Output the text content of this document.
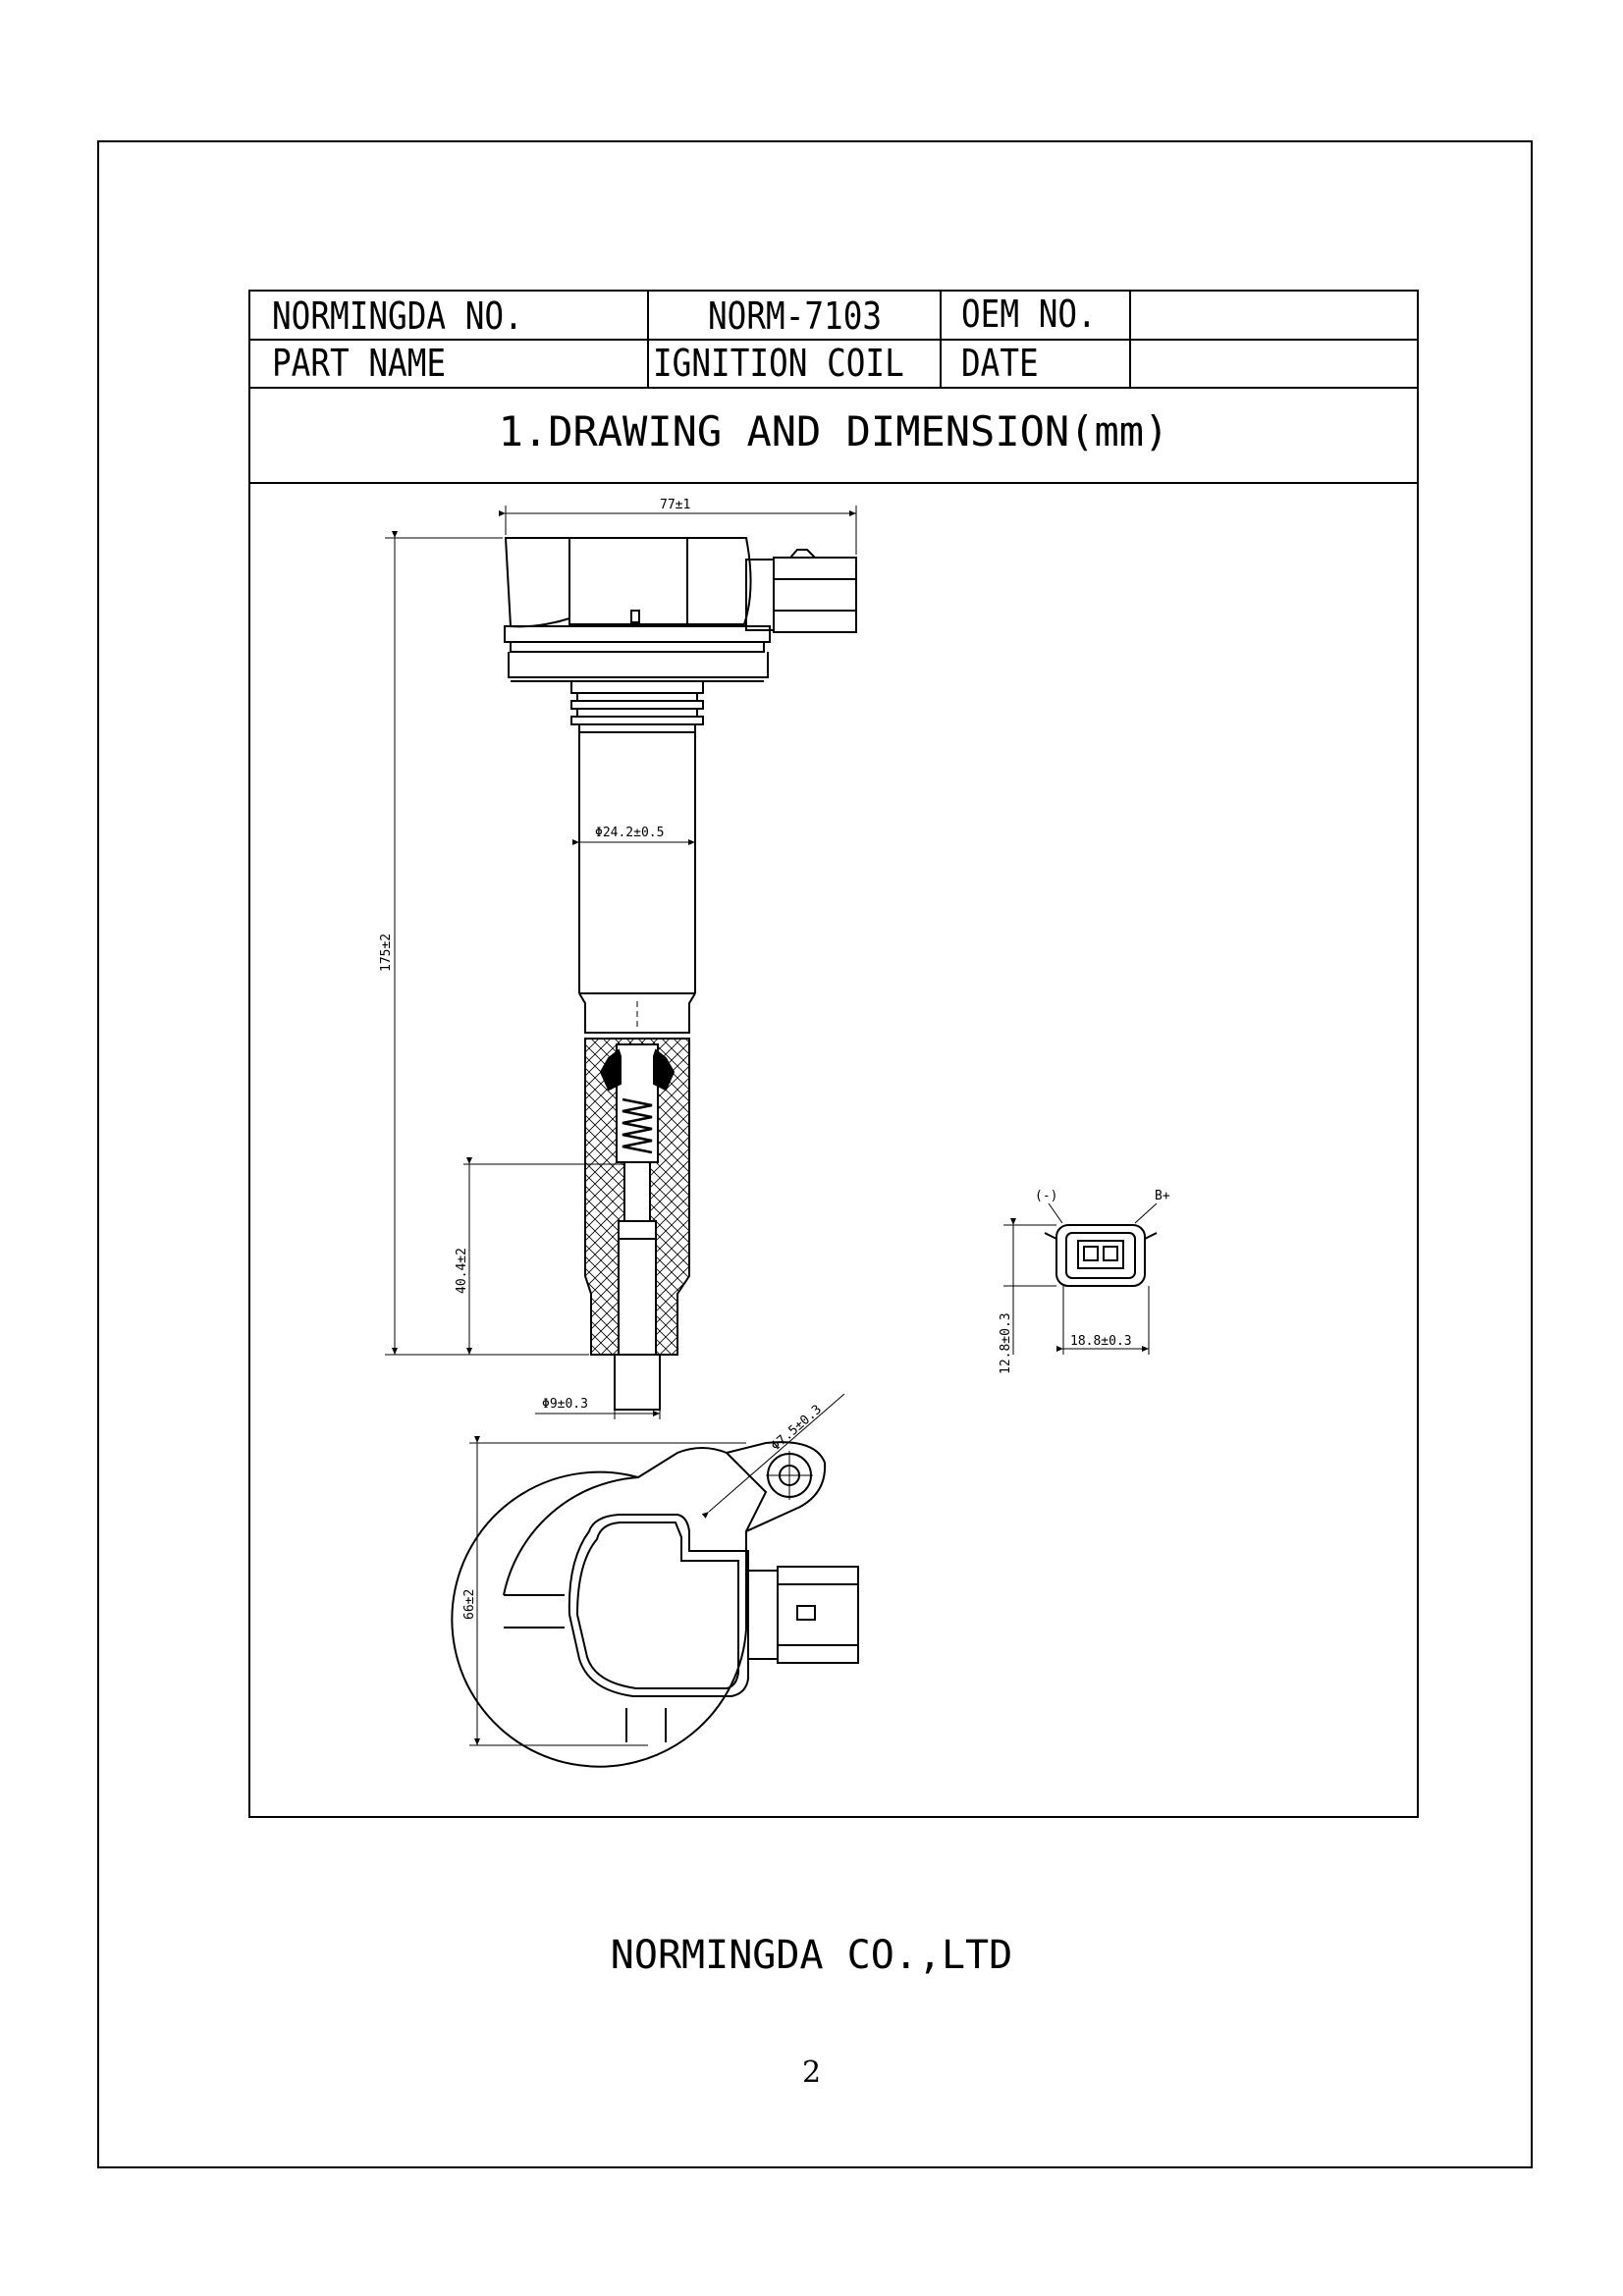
NORMINGDA NO.	NORM-7103 OEM NO.
PART NAME	IGNITION COIL DATE
1.DRAWING AND DIMENSION(mm)
77±1
175±2
Φ24.2±0.5
40.4±2
Φ9±0.3	Φ7.5±0.3
66±2
12.8±0.3	18.8±0.3
(-)	B+
NORMINGDA CO.,LTD
2
